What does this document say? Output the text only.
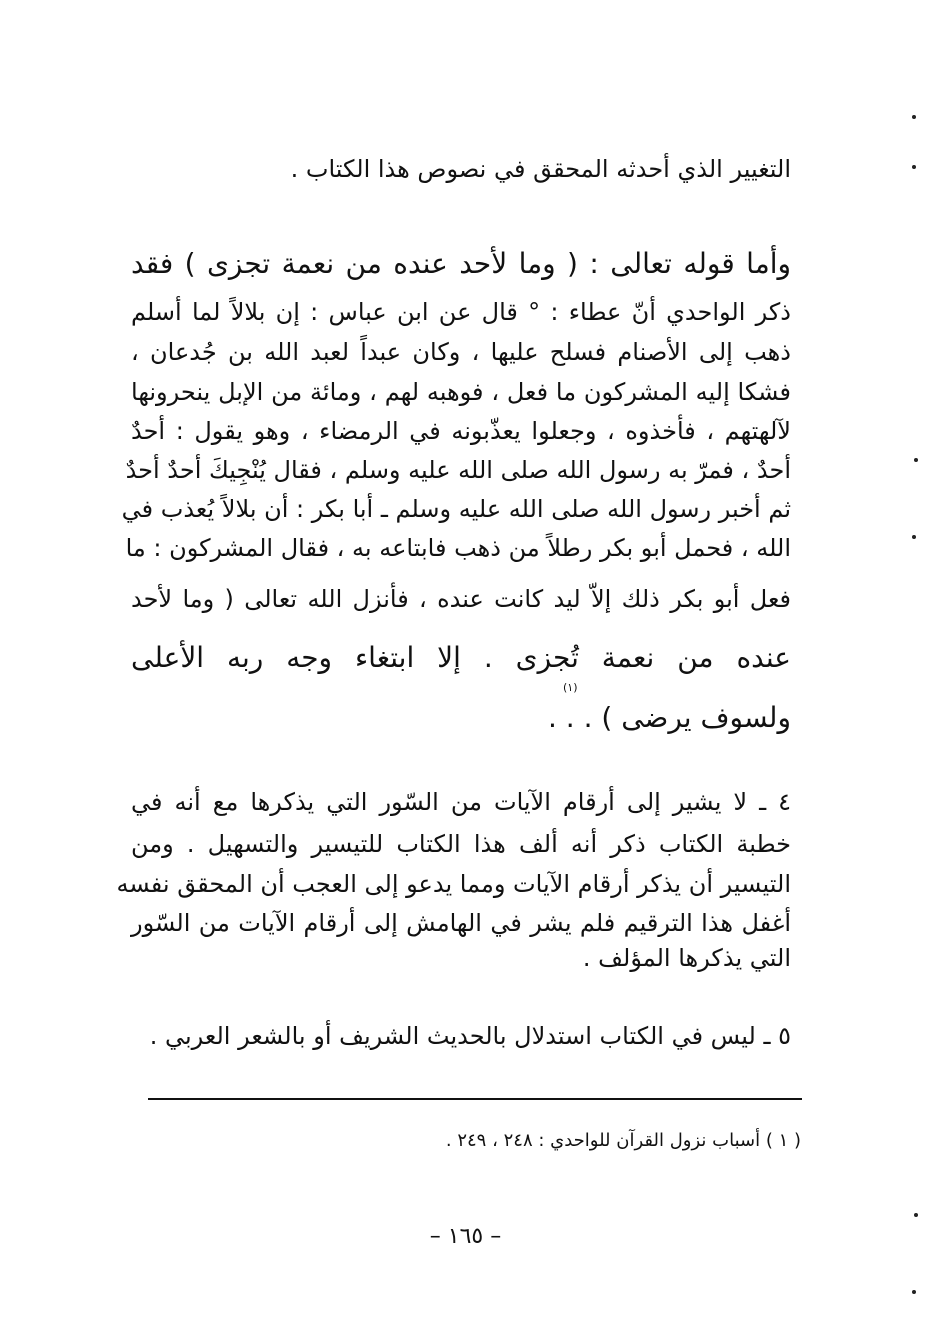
التغيير الذي أحدثه المحقق في نصوص هذا الكتاب .
وأما قوله تعالى : ( وما لأحد عنده من نعمة تجزى ) فقد
ذكر الواحدي أنّ عطاء : ° قال عن ابن عباس : إن بلالاً لما أسلم
ذهب إلى الأصنام فسلح عليها ، وكان عبداً لعبد الله بن جُدعان ،
فشكا إليه المشركون ما فعل ، فوهبه لهم ، ومائة من الإبل ينحرونها
لآلهتهم ، فأخذوه ، وجعلوا يعذّبونه في الرمضاء ، وهو يقول : أحدٌ
أحدٌ ، فمرّ به رسول الله صلى الله عليه وسلم ، فقال يُنْجِيكَ أحدٌ أحدٌ
ثم أخبر رسول الله صلى الله عليه وسلم ـ أبا بكر : أن بلالاً يُعذب في
الله ، فحمل أبو بكر رطلاً من ذهب فابتاعه به ، فقال المشركون : ما
فعل أبو بكر ذلك إلاّ ليد كانت عنده ، فأنزل الله تعالى ( وما لأحد
عنده من نعمة تُجزى . إلا ابتغاء وجه ربه الأعلى
(١)
ولسوف يرضى ) . . .
٤ ـ لا يشير إلى أرقام الآيات من السّور التي يذكرها مع أنه في
خطبة الكتاب ذكر أنه ألف هذا الكتاب للتيسير والتسهيل . ومن
التيسير أن يذكر أرقام الآيات ومما يدعو إلى العجب أن المحقق نفسه
أغفل هذا الترقيم فلم يشر في الهامش إلى أرقام الآيات من السّور
التي يذكرها المؤلف .
٥ ـ ليس في الكتاب استدلال بالحديث الشريف أو بالشعر العربي .
( ١ ) أسباب نزول القرآن للواحدي : ٢٤٨ ، ٢٤٩ .
– ١٦٥ –
